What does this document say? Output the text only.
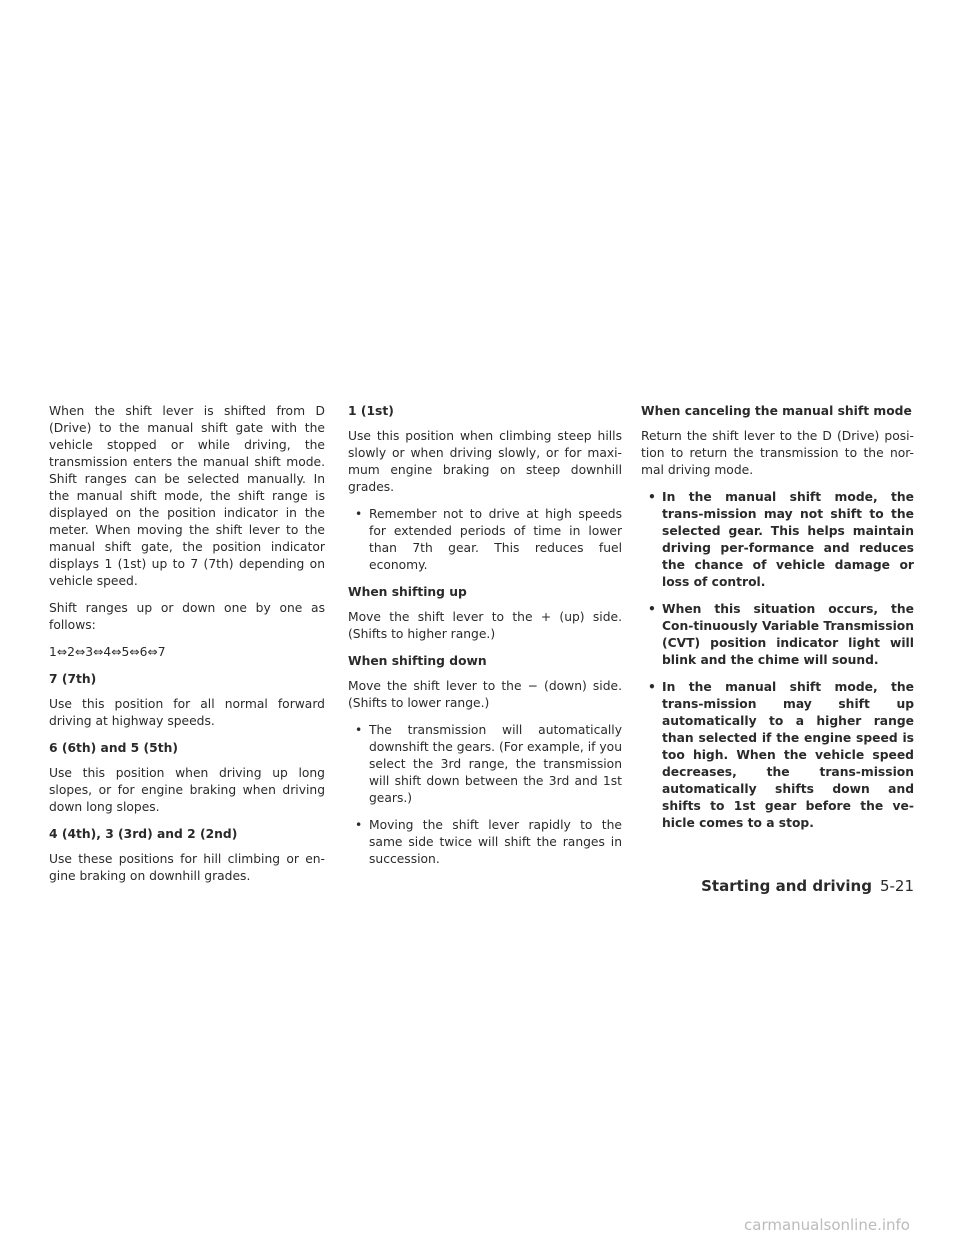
When the shift lever is shifted from D (Drive) to the manual shift gate with the vehicle stopped or while driving, the transmission enters the manual shift mode. Shift ranges can be selected manually. In the manual shift mode, the shift range is displayed on the position indicator in the meter. When moving the shift lever to the manual shift gate, the position indicator displays 1 (1st) up to 7 (7th) depending on vehicle speed.

Shift ranges up or down one by one as follows:

1⇔2⇔3⇔4⇔5⇔6⇔7

7 (7th)

Use this position for all normal forward driving at highway speeds.

6 (6th) and 5 (5th)

Use this position when driving up long slopes, or for engine braking when driving down long slopes.

4 (4th), 3 (3rd) and 2 (2nd)

Use these positions for hill climbing or en-gine braking on downhill grades.

1 (1st)

Use this position when climbing steep hills slowly or when driving slowly, or for maxi-mum engine braking on steep downhill grades.

• Remember not to drive at high speeds for extended periods of time in lower than 7th gear. This reduces fuel economy.

When shifting up

Move the shift lever to the + (up) side. (Shifts to higher range.)

When shifting down

Move the shift lever to the − (down) side. (Shifts to lower range.)

• The transmission will automatically downshift the gears. (For example, if you select the 3rd range, the transmission will shift down between the 3rd and 1st gears.)
• Moving the shift lever rapidly to the same side twice will shift the ranges in succession.

When canceling the manual shift mode

Return the shift lever to the D (Drive) posi-tion to return the transmission to the nor-mal driving mode.

• In the manual shift mode, the trans-mission may not shift to the selected gear. This helps maintain driving per-formance and reduces the chance of vehicle damage or loss of control.
• When this situation occurs, the Con-tinuously Variable Transmission (CVT) position indicator light will blink and the chime will sound.
• In the manual shift mode, the trans-mission may shift up automatically to a higher range than selected if the engine speed is too high. When the vehicle speed decreases, the trans-mission automatically shifts down and shifts to 1st gear before the ve-hicle comes to a stop.
Starting and driving 5-21
carmanualsonline.info
